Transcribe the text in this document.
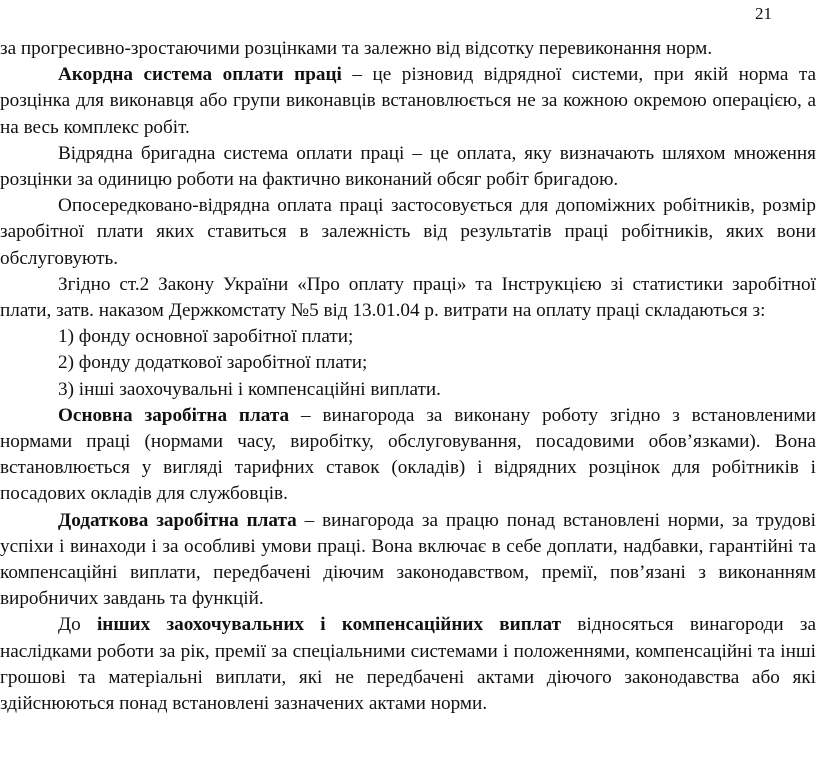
21

за прогресивно-зростаючими розцінками та залежно від відсотку перевиконання норм.

Акордна система оплати праці – це різновид відрядної системи, при якій норма та розцінка для виконавця або групи виконавців встановлюється не за кожною окремою операцією, а на весь комплекс робіт.

Відрядна бригадна система оплати праці – це оплата, яку визначають шляхом множення розцінки за одиницю роботи на фактично виконаний обсяг робіт бригадою.

Опосередковано-відрядна оплата праці застосовується для допоміжних робітників, розмір заробітної плати яких ставиться в залежність від результатів праці робітників, яких вони обслуговують.

Згідно ст.2 Закону України «Про оплату праці» та Інструкцією зі статистики заробітної плати, затв. наказом Держкомстату №5 від 13.01.04 р. витрати на оплату праці складаються з:

1) фонду основної заробітної плати;

2) фонду додаткової заробітної плати;

3) інші заохочувальні і компенсаційні виплати.

Основна заробітна плата – винагорода за виконану роботу згідно з встановленими нормами праці (нормами часу, виробітку, обслуговування, посадовими обов’язками). Вона встановлюється у вигляді тарифних ставок (окладів) і відрядних розцінок для робітників і посадових окладів для службовців.

Додаткова заробітна плата – винагорода за працю понад встановлені норми, за трудові успіхи і винаходи і за особливі умови праці. Вона включає в себе доплати, надбавки, гарантійні та компенсаційні виплати, передбачені діючим законодавством, премії, пов’язані з виконанням виробничих завдань та функцій.

До інших заохочувальних і компенсаційних виплат відносяться винагороди за наслідками роботи за рік, премії за спеціальними системами і положеннями, компенсаційні та інші грошові та матеріальні виплати, які не передбачені актами діючого законодавства або які здійснюються понад встановлені зазначених актами норми.
